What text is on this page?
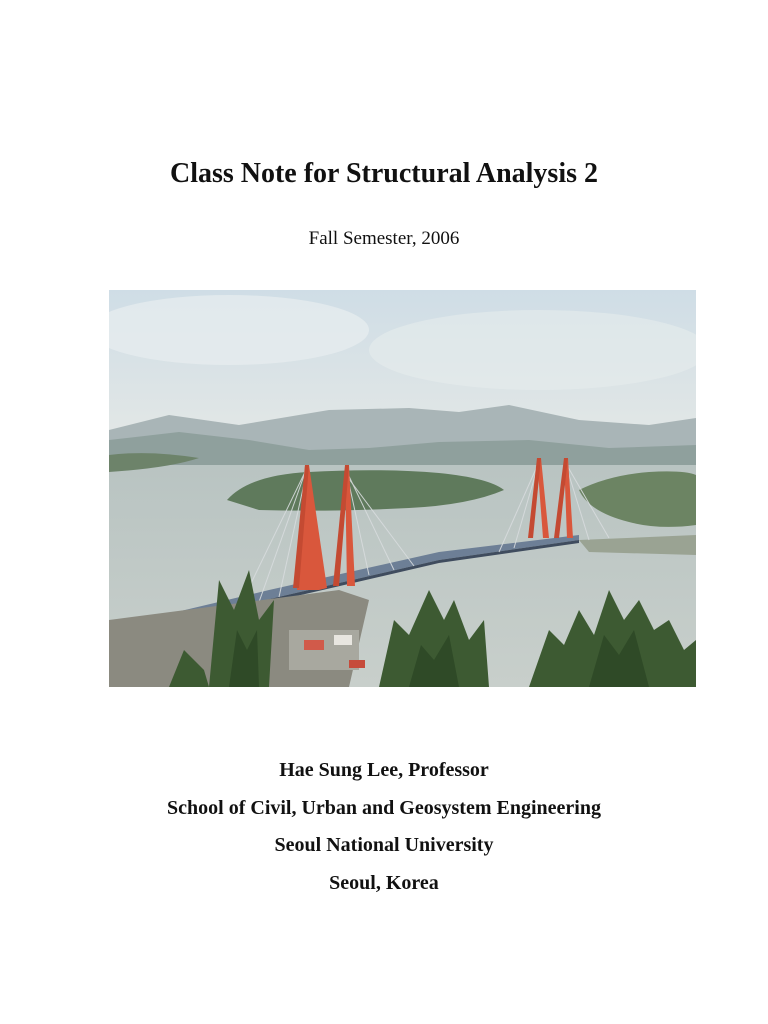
Class Note for Structural Analysis 2

Fall Semester, 2006

Hae Sung Lee, Professor
School of Civil, Urban and Geosystem Engineering
Seoul National University
Seoul, Korea
